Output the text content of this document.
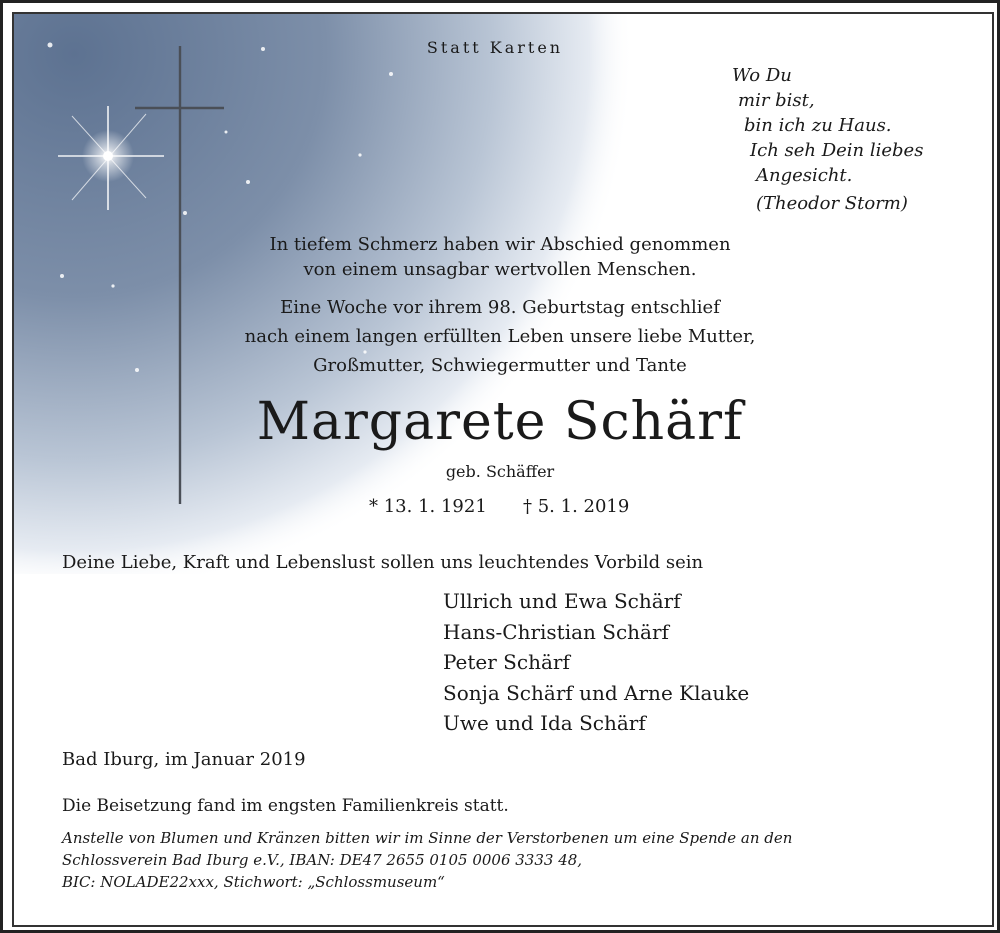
Statt Karten
Wo Du
mir bist,
bin ich zu Haus.
Ich seh Dein liebes
Angesicht.
(Theodor Storm)
In tiefem Schmerz haben wir Abschied genommen
von einem unsagbar wertvollen Menschen.
Eine Woche vor ihrem 98. Geburtstag entschlief
nach einem langen erfüllten Leben unsere liebe Mutter,
Großmutter, Schwiegermutter und Tante
Margarete Schärf
geb. Schäffer
* 13. 1. 1921 † 5. 1. 2019
Deine Liebe, Kraft und Lebenslust sollen uns leuchtendes Vorbild sein
Ullrich und Ewa Schärf
Hans-Christian Schärf
Peter Schärf
Sonja Schärf und Arne Klauke
Uwe und Ida Schärf
Bad Iburg, im Januar 2019
Die Beisetzung fand im engsten Familienkreis statt.
Anstelle von Blumen und Kränzen bitten wir im Sinne der Verstorbenen um eine Spende an den
Schlossverein Bad Iburg e.V., IBAN: DE47 2655 0105 0006 3333 48,
BIC: NOLADE22xxx, Stichwort: „Schlossmuseum“
